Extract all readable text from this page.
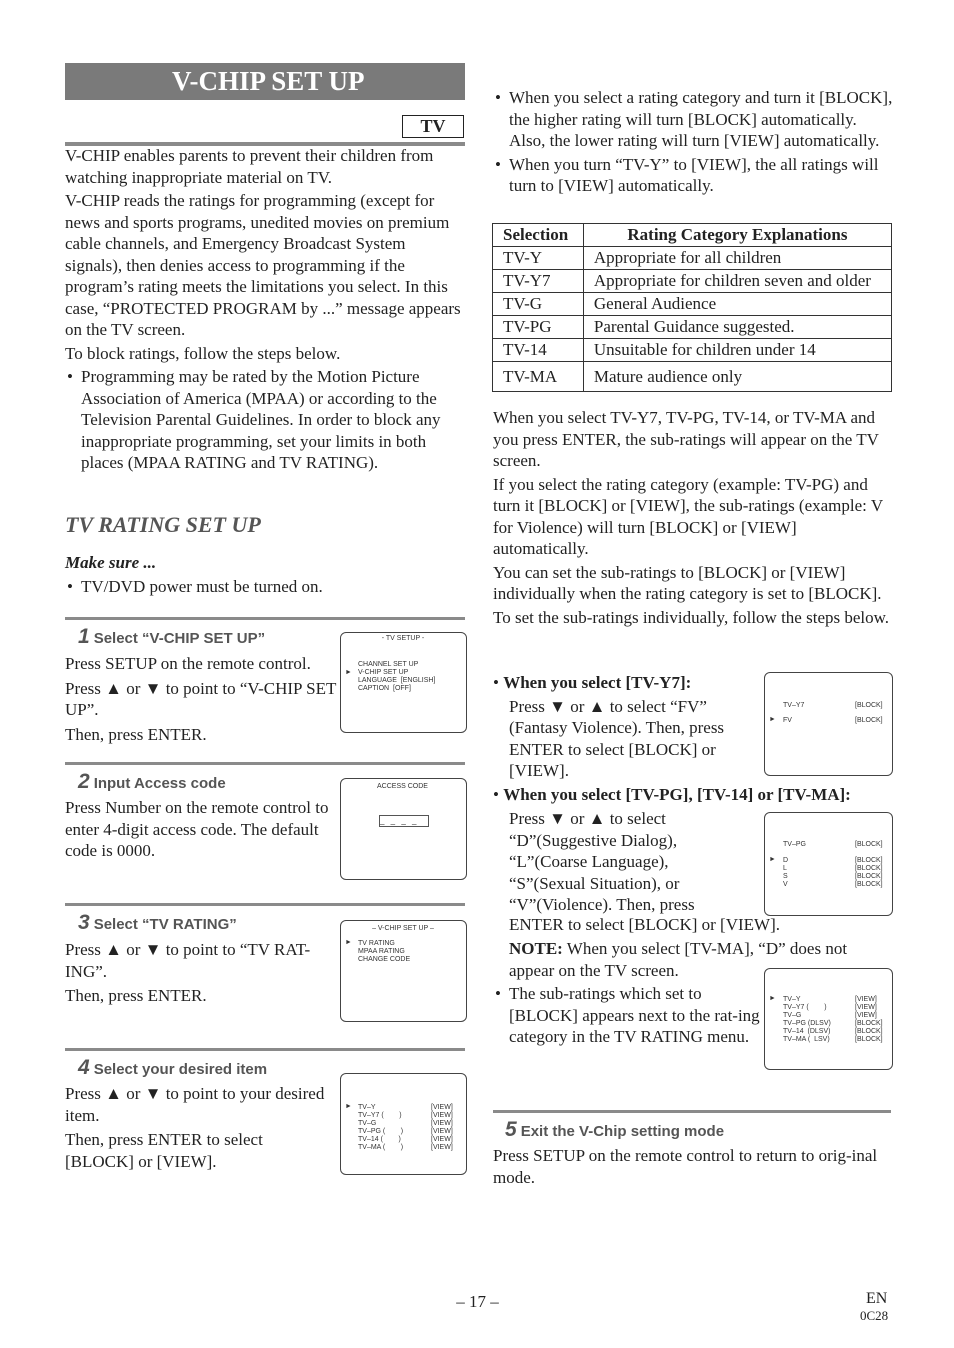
V-CHIP SET UP
TV

V-CHIP enables parents to prevent their children from watching inappropriate material on TV.

V-CHIP reads the ratings for programming (except for news and sports programs, unedited movies on premium cable channels, and Emergency Broadcast System signals), then denies access to programming if the program’s rating meets the limitations you select. In this case, “PROTECTED PROGRAM by ...” message appears on the TV screen.

To block ratings, follow the steps below.

• Programming may be rated by the Motion Picture Association of America (MPAA) or according to the Television Parental Guidelines. In order to block any inappropriate programming, set your limits in both places (MPAA RATING and TV RATING).
TV RATING SET UP
Make sure ...
• TV/DVD power must be turned on.
1 Select “V-CHIP SET UP”
Press SETUP on the remote control.
Press ▲ or ▼ to point to “V-CHIP SET UP”.
Then, press ENTER.
- TV SETUP -
CHANNEL SET UP
► V-CHIP SET UP
LANGUAGE  [ENGLISH]
CAPTION  [OFF]
2 Input Access code
Press Number on the remote control to enter 4-digit access code. The default code is 0000.
ACCESS CODE
_ _ _ _
3 Select “TV RATING”
Press ▲ or ▼ to point to “TV RAT-ING”.
Then, press ENTER.
– V-CHIP SET UP –
► TV RATING
MPAA RATING
CHANGE CODE
4 Select your desired item
Press ▲ or ▼ to point to your desired item.
Then, press ENTER to select [BLOCK] or [VIEW].
► TV–Y	[VIEW]
TV–Y7 (        )	[VIEW]
TV–G	[VIEW]
TV–PG (        )	[VIEW]
TV–14 (        )	[VIEW]
TV–MA (        )	[VIEW]
• When you select a rating category and turn it [BLOCK], the higher rating will turn [BLOCK] automatically. Also, the lower rating will turn [VIEW] automatically.
• When you turn “TV-Y” to [VIEW], the all ratings will turn to [VIEW] automatically.
Selection	Rating Category Explanations
TV-Y	Appropriate for all children
TV-Y7	Appropriate for children seven and older
TV-G	General Audience
TV-PG	Parental Guidance suggested.
TV-14	Unsuitable for children under 14
TV-MA	Mature audience only

When you select TV-Y7, TV-PG, TV-14, or TV-MA and you press ENTER, the sub-ratings will appear on the TV screen.

If you select the rating category (example: TV-PG) and turn it [BLOCK] or [VIEW], the sub-ratings (example: V for Violence) will turn [BLOCK] or [VIEW] automatically.

You can set the sub-ratings to [BLOCK] or [VIEW] individually when the rating category is set to [BLOCK].

To set the sub-ratings individually, follow the steps below.

• When you select [TV-Y7]:
Press ▼ or ▲ to select “FV” (Fantasy Violence). Then, press ENTER to select [BLOCK] or [VIEW].
TV–Y7	[BLOCK]
► FV	[BLOCK]
• When you select [TV-PG], [TV-14] or [TV-MA]:
Press ▼ or ▲ to select “D”(Suggestive Dialog), “L”(Coarse Language), “S”(Sexual Situation), or “V”(Violence). Then, press
ENTER to select [BLOCK] or [VIEW].
NOTE: When you select [TV-MA], “D” does not appear on the TV screen.
TV–PG	[BLOCK]
► D	[BLOCK]
L	[BLOCK]
S	[BLOCK]
V	[BLOCK]
• The sub-ratings which set to [BLOCK] appears next to the rat-ing category in the TV RATING menu.
► TV–Y	[VIEW]
TV–Y7 (        )	[VIEW]
TV–G	[VIEW]
TV–PG (DLSV)	[BLOCK]
TV–14  (DLSV)	[BLOCK]
TV–MA (  LSV)	[BLOCK]
5 Exit the V-Chip setting mode
Press SETUP on the remote control to return to orig-inal mode.
– 17 –	EN
0C28
